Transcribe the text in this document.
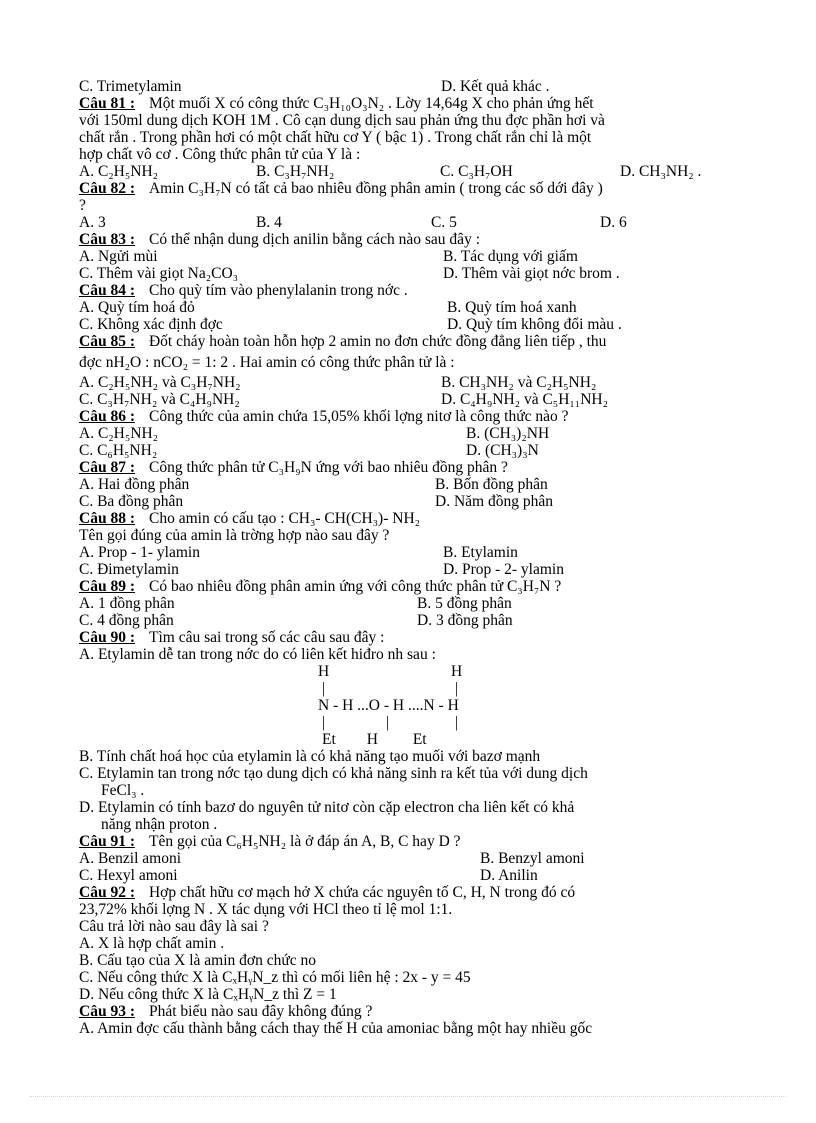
C. Trimetylamin	D. Kết quả khác .
Câu 81 : Một muối X có công thức C₃H₁₀O₃N₂ . Lờy 14,64g X cho phản ứng hết
với 150ml dung dịch KOH 1M . Cô cạn dung dịch sau phản ứng thu đợc phần hơi và
chất rắn . Trong phần hơi có một chất hữu cơ Y ( bậc 1) . Trong chất rắn chỉ là một
hợp chất vô cơ . Công thức phân tử của Y là :
A. C₂H₅NH₂	B. C₃H₇NH₂	C. C₃H₇OH	D. CH₃NH₂ .
Câu 82 : Amin C₃H₇N có tất cả bao nhiêu đồng phân amin ( trong các số dới đây )
?
A. 3	B. 4	C. 5	D. 6
Câu 83 : Có thể nhận dung dịch anilin bằng cách nào sau đây :
A. Ngửi mùi	B. Tác dụng với giấm
C. Thêm vài giọt Na₂CO₃	D. Thêm vài giọt nớc brom .
Câu 84 : Cho quỳ tím vào phenylalanin trong nớc .
A. Quỳ tím hoá đỏ	B. Quỳ tím hoá xanh
C. Không xác định đợc	D. Quỳ tím không đổi màu .
Câu 85 : Đốt cháy hoàn toàn hỗn hợp 2 amin no đơn chức đồng đẳng liên tiếp , thu
đợc nH₂O : nCO₂ = 1: 2 . Hai amin có công thức phân tử là :
A. C₂H₅NH₂ và C₃H₇NH₂	B. CH₃NH₂ và C₂H₅NH₂
C. C₃H₇NH₂ và C₄H₉NH₂	D. C₄H₉NH₂ và C₅H₁₁NH₂
Câu 86 : Công thức của amin chứa 15,05% khối lợng nitơ là công thức nào ?
A. C₂H₅NH₂	B. (CH₃)₂NH
C. C₆H₅NH₂	D. (CH₃)₃N
Câu 87 : Công thức phân tử C₃H₉N ứng với bao nhiêu đồng phân ?
A. Hai đồng phân	B. Bốn đồng phân
C. Ba đồng phân	D. Năm đồng phân
Câu 88 : Cho amin có cấu tạo : CH₃- CH(CH₃)- NH₂
Tên gọi đúng của amin là trờng hợp nào sau đây ?
A. Prop - 1- ylamin	B. Etylamin
C. Đimetylamin	D. Prop - 2- ylamin
Câu 89 : Có bao nhiêu đồng phân amin ứng với công thức phân tử C₃H₇N ?
A. 1 đồng phân	B. 5 đồng phân
C. 4 đồng phân	D. 3 đồng phân
Câu 90 : Tìm câu sai trong số các câu sau đây :
A. Etylamin dễ tan trong nớc do có liên kết hiđro nh sau :
B. Tính chất hoá học của etylamin là có khả năng tạo muối với bazơ mạnh
C. Etylamin tan trong nớc tạo dung dịch có khả năng sinh ra kết tủa với dung dịch
FeCl₃ .
D. Etylamin có tính bazơ do nguyên tử nitơ còn cặp electron cha liên kết có khả
năng nhận proton .
Câu 91 : Tên gọi của C₆H₅NH₂ là ở đáp án A, B, C hay D ?
A. Benzil amoni	B. Benzyl amoni
C. Hexyl amoni	D. Anilin
Câu 92 : Hợp chất hữu cơ mạch hở X chứa các nguyên tố C, H, N trong đó có
23,72% khối lợng N . X tác dụng với HCl theo tỉ lệ mol 1:1.
Câu trả lời nào sau đây là sai ?
A. X là hợp chất amin .
B. Cấu tạo của X là amin đơn chức no
C. Nếu công thức X là CₓHᵧN_z thì có mối liên hệ : 2x - y = 45
D. Nếu công thức X là CₓHᵧN_z thì Z = 1
Câu 93 : Phát biểu nào sau đây không đúng ?
A. Amin đợc cấu thành bằng cách thay thế H của amoniac bằng một hay nhiều gốc
H	H
|	|
N - H ...O - H ....N - H
|	|	|
Et        H         Et
